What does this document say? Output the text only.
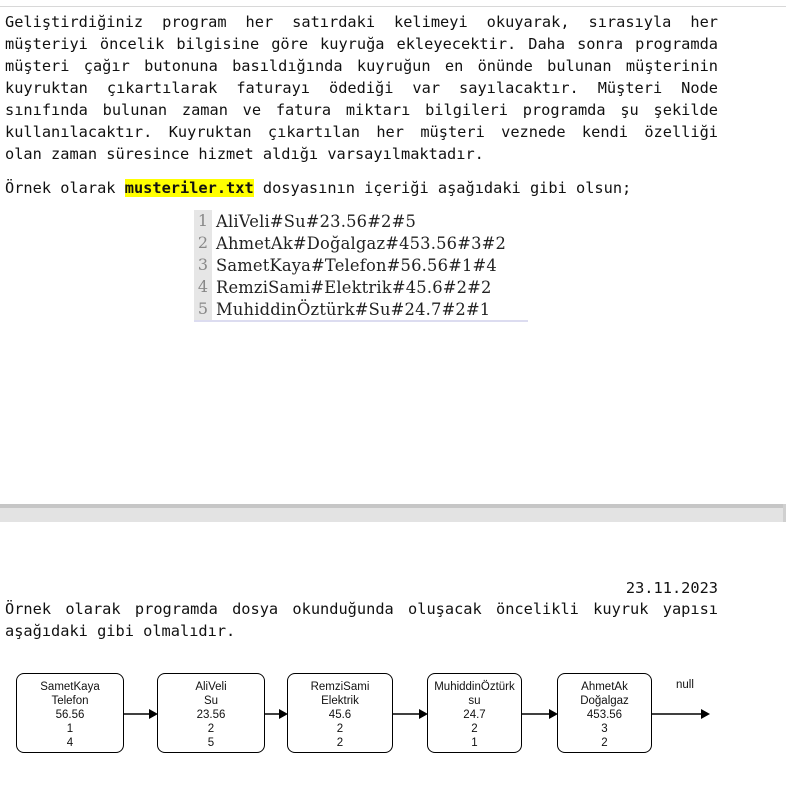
Geliştirdiğiniz program her satırdaki kelimeyi okuyarak, sırasıyla her
müşteriyi öncelik bilgisine göre kuyruğa ekleyecektir. Daha sonra programda
müşteri çağır butonuna basıldığında kuyruğun en önünde bulunan müşterinin
kuyruktan çıkartılarak faturayı ödediği var sayılacaktır. Müşteri Node
sınıfında bulunan zaman ve fatura miktarı bilgileri programda şu şekilde
kullanılacaktır. Kuyruktan çıkartılan her müşteri veznede kendi özelliği
olan zaman süresince hizmet aldığı varsayılmaktadır.
Örnek olarak musteriler.txt dosyasının içeriği aşağıdaki gibi olsun;
1 AliVeli#Su#23.56#2#5
2 AhmetAk#Doğalgaz#453.56#3#2
3 SametKaya#Telefon#56.56#1#4
4 RemziSami#Elektrik#45.6#2#2
5 MuhiddinÖztürk#Su#24.7#2#1
23.11.2023
Örnek olarak programda dosya okunduğunda oluşacak öncelikli kuyruk yapısı
aşağıdaki gibi olmalıdır.
SametKaya
Telefon
56.56
1
4
AliVeli
Su
23.56
2
5
RemziSami
Elektrik
45.6
2
2
MuhiddinÖztürk
su
24.7
2
1
AhmetAk
Doğalgaz
453.56
3
2
null
